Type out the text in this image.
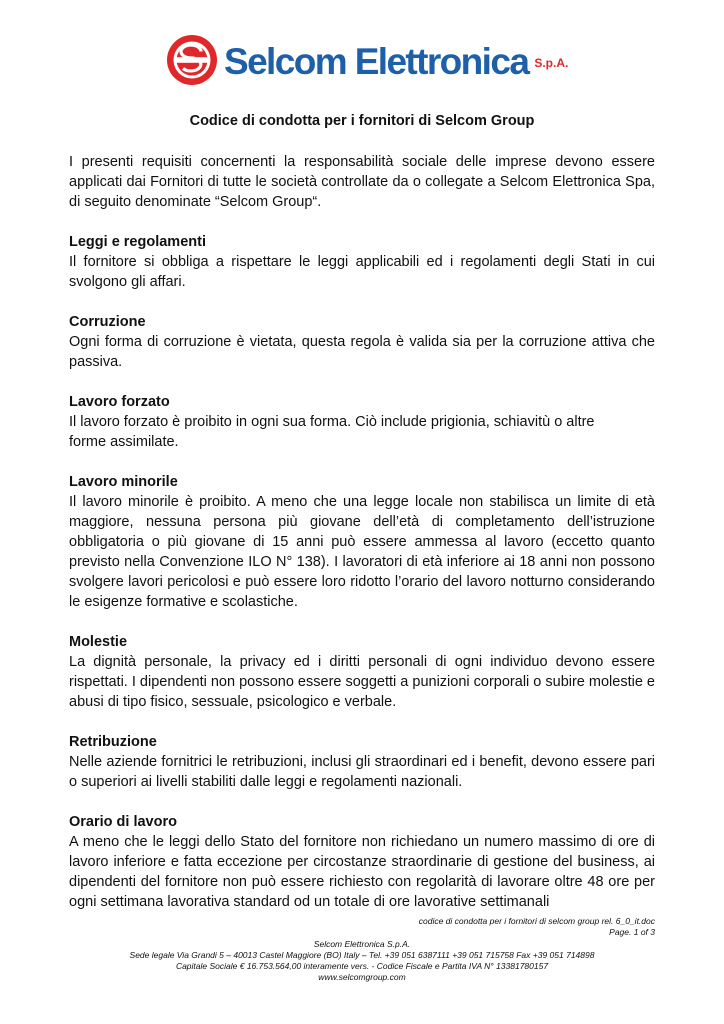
Selcom Elettronica S.p.A.
Codice di condotta per i fornitori di Selcom Group

I presenti requisiti concernenti la responsabilità sociale delle imprese devono essere applicati dai Fornitori di tutte le società controllate da o collegate a Selcom Elettronica Spa, di seguito denominate “Selcom Group“.

Leggi e regolamenti

Il fornitore si obbliga a rispettare le leggi applicabili ed i regolamenti degli Stati in cui svolgono gli affari.

Corruzione

Ogni forma di corruzione è vietata, questa regola è valida sia per la corruzione attiva che passiva.

Lavoro forzato

Il lavoro forzato è proibito in ogni sua forma. Ciò include prigionia, schiavitù o altre forme assimilate.

Lavoro minorile

Il lavoro minorile è proibito. A meno che una legge locale non stabilisca un limite di età maggiore, nessuna persona più giovane dell’età di completamento dell’istruzione obbligatoria o più giovane di 15 anni può essere ammessa al lavoro (eccetto quanto previsto nella Convenzione ILO N° 138). I lavoratori di età inferiore ai 18 anni non possono svolgere lavori pericolosi e può essere loro ridotto l’orario del lavoro notturno considerando le esigenze formative e scolastiche.

Molestie

La dignità personale, la privacy ed i diritti personali di ogni individuo devono essere rispettati. I dipendenti non possono essere soggetti a punizioni corporali o subire molestie e abusi di tipo fisico, sessuale, psicologico e verbale.

Retribuzione

Nelle aziende fornitrici le retribuzioni, inclusi gli straordinari ed i benefit, devono essere pari o superiori ai livelli stabiliti dalle leggi e regolamenti nazionali.

Orario di lavoro

A meno che le leggi dello Stato del fornitore non richiedano un numero massimo di ore di lavoro inferiore e fatta eccezione per circostanze straordinarie di gestione del business, ai dipendenti del fornitore non può essere richiesto con regolarità di lavorare oltre 48 ore per ogni settimana lavorativa standard od un totale di ore lavorative settimanali

codice di condotta per i fornitori di selcom group rel. 6_0_it.doc
Page. 1 of 3
Selcom Elettronica S.p.A.
Sede legale Via Grandi 5 – 40013 Castel Maggiore (BO) Italy – Tel. +39 051 6387111 +39 051 715758 Fax +39 051 714898
Capitale Sociale € 16.753.564,00 interamente vers. - Codice Fiscale e Partita IVA N° 13381780157
www.selcomgroup.com
